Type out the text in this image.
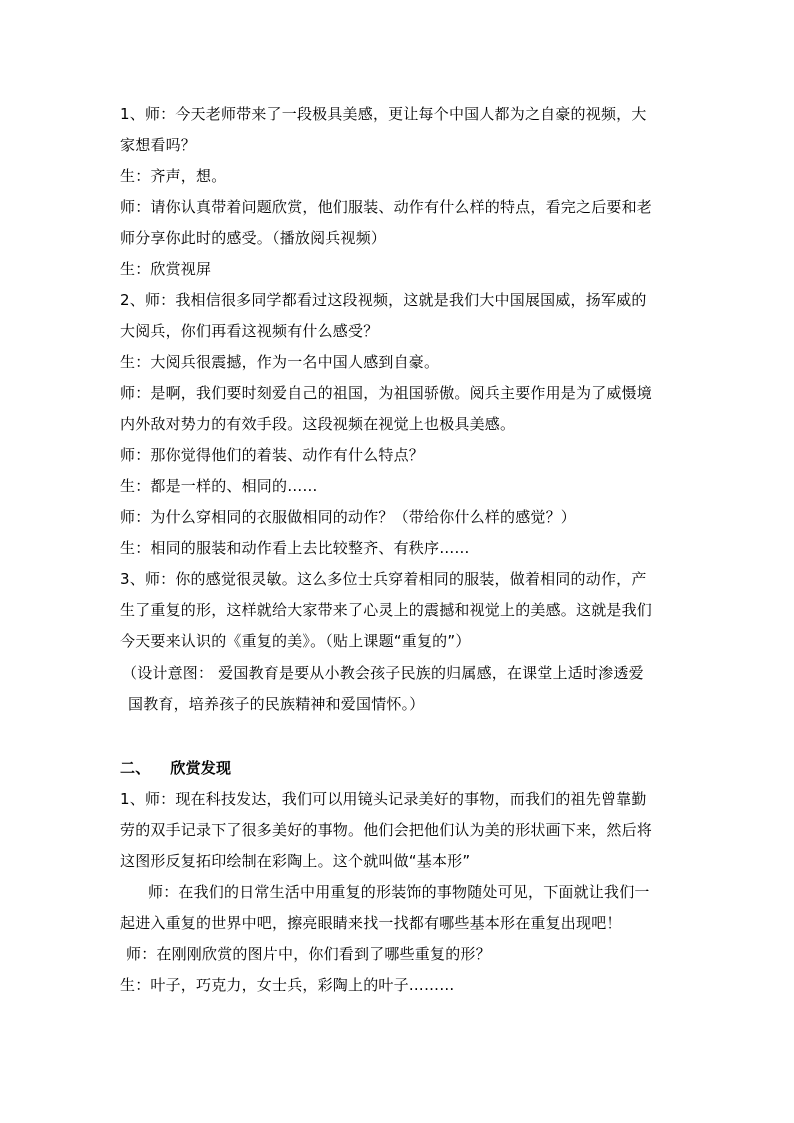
1、师：今天老师带来了一段极具美感，更让每个中国人都为之自豪的视频，大
家想看吗？
生：齐声，想。
师：请你认真带着问题欣赏，他们服装、动作有什么样的特点，看完之后要和老
师分享你此时的感受。（播放阅兵视频）
生：欣赏视屏
2、师：我相信很多同学都看过这段视频，这就是我们大中国展国威，扬军威的
大阅兵，你们再看这视频有什么感受？
生：大阅兵很震撼，作为一名中国人感到自豪。
师：是啊，我们要时刻爱自己的祖国，为祖国骄傲。阅兵主要作用是为了威慑境
内外敌对势力的有效手段。这段视频在视觉上也极具美感。
师：那你觉得他们的着装、动作有什么特点？
生：都是一样的、相同的……
师：为什么穿相同的衣服做相同的动作？（带给你什么样的感觉？）
生：相同的服装和动作看上去比较整齐、有秩序……
3、师：你的感觉很灵敏。这么多位士兵穿着相同的服装，做着相同的动作，产
生了重复的形，这样就给大家带来了心灵上的震撼和视觉上的美感。这就是我们
今天要来认识的《重复的美》。（贴上课题“重复的”）
（设计意图： 爱国教育是要从小教会孩子民族的归属感，在课堂上适时渗透爱
国教育，培养孩子的民族精神和爱国情怀。）
二、 欣赏发现
1、师：现在科技发达，我们可以用镜头记录美好的事物，而我们的祖先曾靠勤
劳的双手记录下了很多美好的事物。他们会把他们认为美的形状画下来，然后将
这图形反复拓印绘制在彩陶上。这个就叫做“基本形”
师：在我们的日常生活中用重复的形装饰的事物随处可见，下面就让我们一
起进入重复的世界中吧，擦亮眼睛来找一找都有哪些基本形在重复出现吧！
师：在刚刚欣赏的图片中，你们看到了哪些重复的形？
生：叶子，巧克力，女士兵，彩陶上的叶子………
